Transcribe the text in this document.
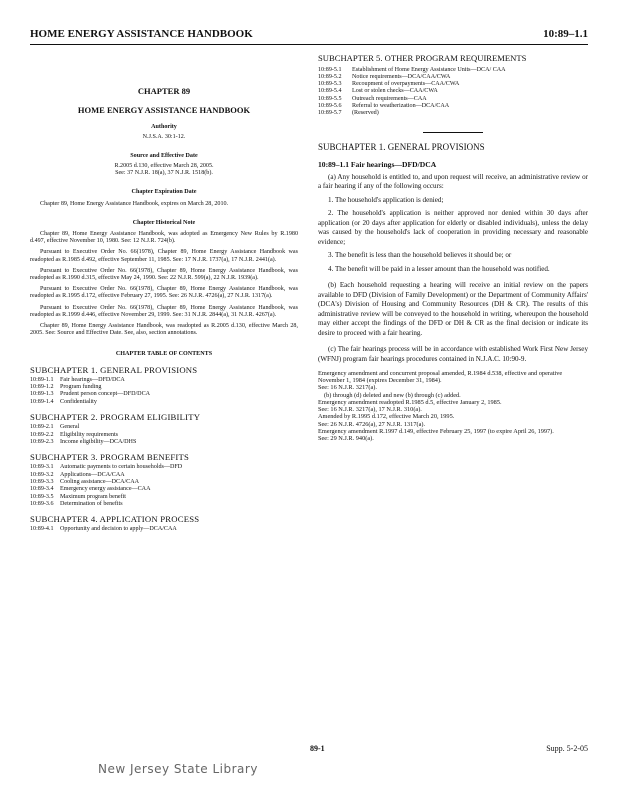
HOME ENERGY ASSISTANCE HANDBOOK	10:89–1.1
CHAPTER 89
HOME ENERGY ASSISTANCE HANDBOOK
Authority
N.J.S.A. 30:1-12.
Source and Effective Date
R.2005 d.130, effective March 28, 2005.
See: 37 N.J.R. 18(a), 37 N.J.R. 1518(b).
Chapter Expiration Date

Chapter 89, Home Energy Assistance Handbook, expires on March 28, 2010.

Chapter Historical Note

Chapter 89, Home Energy Assistance Handbook, was adopted as Emergency New Rules by R.1980 d.497, effective November 10, 1980. See: 12 N.J.R. 724(b).

Pursuant to Executive Order No. 66(1978), Chapter 89, Home Energy Assistance Handbook was readopted as R.1985 d.492, effective September 11, 1985. See: 17 N.J.R. 1737(a), 17 N.J.R. 2441(a).

Pursuant to Executive Order No. 66(1978), Chapter 89, Home Energy Assistance Handbook, was readopted as R.1990 d.315, effective May 24, 1990. See: 22 N.J.R. 599(a), 22 N.J.R. 1939(a).

Pursuant to Executive Order No. 66(1978), Chapter 89, Home Energy Assistance Handbook, was readopted as R.1995 d.172, effective February 27, 1995. See: 26 N.J.R. 4726(a), 27 N.J.R. 1317(a).

Pursuant to Executive Order No. 66(1978), Chapter 89, Home Energy Assistance Handbook, was readopted as R.1999 d.446, effective November 29, 1999. See: 31 N.J.R. 2844(a), 31 N.J.R. 4267(a).

Chapter 89, Home Energy Assistance Handbook, was readopted as R.2005 d.130, effective March 28, 2005. See: Source and Effective Date. See, also, section annotations.

CHAPTER TABLE OF CONTENTS
SUBCHAPTER 1. GENERAL PROVISIONS
10:89-1.1	Fair hearings—DFD/DCA
10:89-1.2	Program funding
10:89-1.3	Prudent person concept—DFD/DCA
10:89-1.4	Confidentiality
SUBCHAPTER 2. PROGRAM ELIGIBILITY
10:89-2.1	General
10:89-2.2	Eligibility requirements
10:89-2.3	Income eligibility—DCA/DHS
SUBCHAPTER 3. PROGRAM BENEFITS
10:89-3.1	Automatic payments to certain households—DFD
10:89-3.2	Applications—DCA/CAA
10:89-3.3	Cooling assistance—DCA/CAA
10:89-3.4	Emergency energy assistance—CAA
10:89-3.5	Maximum program benefit
10:89-3.6	Determination of benefits
SUBCHAPTER 4. APPLICATION PROCESS
10:89-4.1	Opportunity and decision to apply—DCA/CAA
SUBCHAPTER 5. OTHER PROGRAM REQUIREMENTS
10:89-5.1	Establishment of Home Energy Assistance Units—DCA/ CAA
10:89-5.2	Notice requirements—DCA/CAA/CWA
10:89-5.3	Recoupment of overpayments—CAA/CWA
10:89-5.4	Lost or stolen checks—CAA/CWA
10:89-5.5	Outreach requirements—CAA
10:89-5.6	Referral to weatherization—DCA/CAA
10:89-5.7	(Reserved)
SUBCHAPTER 1. GENERAL PROVISIONS
10:89–1.1 Fair hearings—DFD/DCA

(a) Any household is entitled to, and upon request will receive, an administrative review or a fair hearing if any of the following occurs:

1. The household's application is denied;

2. The household's application is neither approved nor denied within 30 days after application (or 20 days after application for elderly or disabled individuals), unless the delay was caused by the household's lack of cooperation in providing necessary and reasonable evidence;

3. The benefit is less than the household believes it should be; or

4. The benefit will be paid in a lesser amount than the household was notified.

(b) Each household requesting a hearing will receive an initial review on the papers available to DFD (Division of Family Development) or the Department of Community Affairs' (DCA's) Division of Housing and Community Resources (DH & CR). The results of this administrative review will be conveyed to the household in writing, whereupon the household may either accept the findings of the DFD or DH & CR as the final decision or indicate its desire to proceed with a fair hearing.

(c) The fair hearings process will be in accordance with established Work First New Jersey (WFNJ) program fair hearings procedures contained in N.J.A.C. 10:90-9.

Emergency amendment and concurrent proposal amended, R.1984 d.538, effective and operative November 1, 1984 (expires December 31, 1984).

See: 16 N.J.R. 3217(a).

(b) through (d) deleted and new (b) through (c) added.

Emergency amendment readopted R.1985 d.5, effective January 2, 1985.

See: 16 N.J.R. 3217(a), 17 N.J.R. 310(a).

Amended by R.1995 d.172, effective March 20, 1995.

See: 26 N.J.R. 4726(a), 27 N.J.R. 1317(a).

Emergency amendment R.1997 d.149, effective February 25, 1997 (to expire April 26, 1997).

See: 29 N.J.R. 940(a).

89-1	Supp. 5-2-05
New Jersey State Library
